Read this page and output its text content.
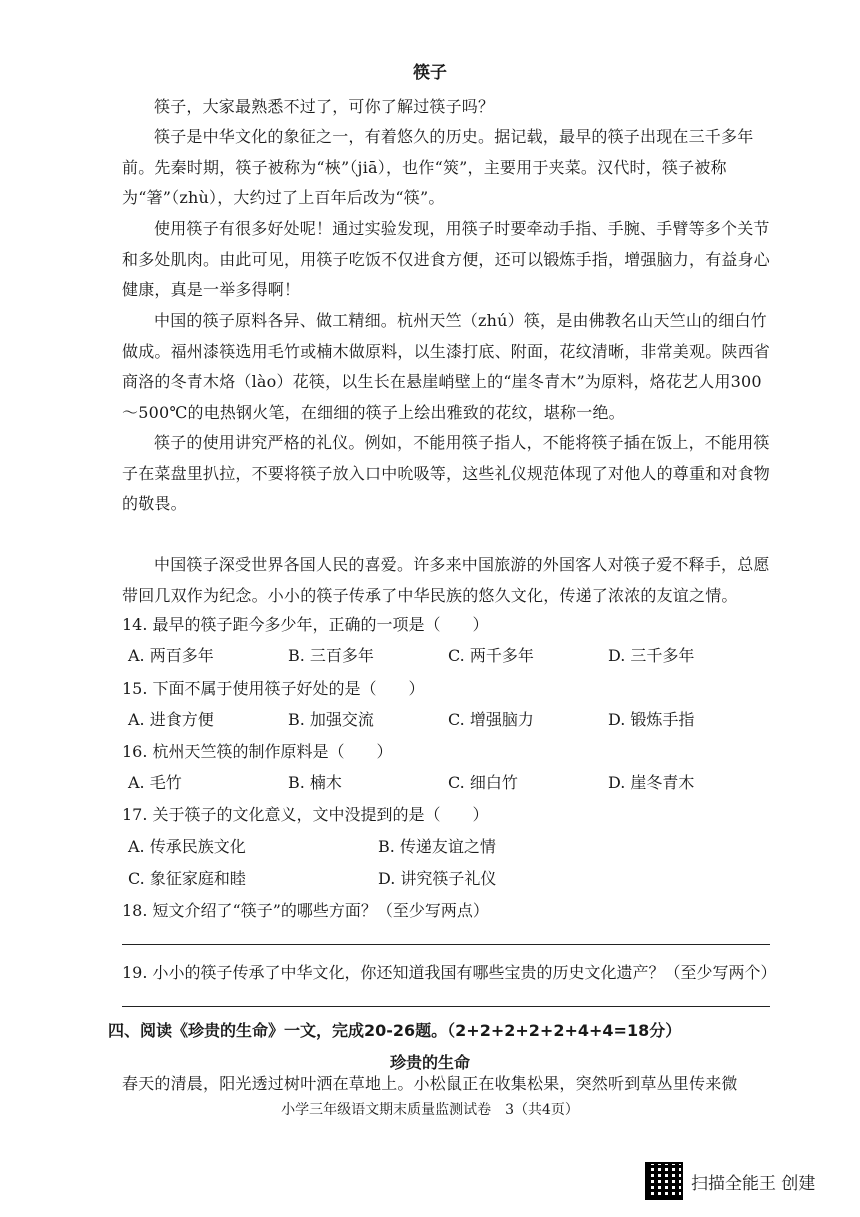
筷子
筷子，大家最熟悉不过了，可你了解过筷子吗？
筷子是中华文化的象征之一，有着悠久的历史。据记载，最早的筷子出现在三千多年前。先秦时期，筷子被称为“梜”（jiā），也作“筴”，主要用于夹菜。汉代时，筷子被称为“箸”（zhù），大约过了上百年后改为“筷”。
使用筷子有很多好处呢！通过实验发现，用筷子时要牵动手指、手腕、手臂等多个关节和多处肌肉。由此可见，用筷子吃饭不仅进食方便，还可以锻炼手指，增强脑力，有益身心健康，真是一举多得啊！
中国的筷子原料各异、做工精细。杭州天竺（zhú）筷，是由佛教名山天竺山的细白竹做成。福州漆筷选用毛竹或楠木做原料，以生漆打底、附面，花纹清晰，非常美观。陕西省商洛的冬青木烙（lào）花筷，以生长在悬崖峭壁上的“崖冬青木”为原料，烙花艺人用300～500℃的电热钢火笔，在细细的筷子上绘出雅致的花纹，堪称一绝。
筷子的使用讲究严格的礼仪。例如，不能用筷子指人，不能将筷子插在饭上，不能用筷子在菜盘里扒拉，不要将筷子放入口中吮吸等，这些礼仪规范体现了对他人的尊重和对食物的敬畏。
中国筷子深受世界各国人民的喜爱。许多来中国旅游的外国客人对筷子爱不释手，总愿带回几双作为纪念。小小的筷子传承了中华民族的悠久文化，传递了浓浓的友谊之情。
14. 最早的筷子距今多少年，正确的一项是（　　）
A. 两百多年	B. 三百多年	C. 两千多年	D. 三千多年
15. 下面不属于使用筷子好处的是（　　）
A. 进食方便	B. 加强交流	C. 增强脑力	D. 锻炼手指
16. 杭州天竺筷的制作原料是（　　）
A. 毛竹	B. 楠木	C. 细白竹	D. 崖冬青木
17. 关于筷子的文化意义，文中没提到的是（　　）
A. 传承民族文化	B. 传递友谊之情
C. 象征家庭和睦	D. 讲究筷子礼仪
18. 短文介绍了“筷子”的哪些方面？（至少写两点）
19. 小小的筷子传承了中华文化，你还知道我国有哪些宝贵的历史文化遗产？（至少写两个）
四、阅读《珍贵的生命》一文，完成20-26题。（2+2+2+2+2+4+4=18分）
珍贵的生命
春天的清晨，阳光透过树叶洒在草地上。小松鼠正在收集松果，突然听到草丛里传来微
小学三年级语文期末质量监测试卷　3（共4页）
扫描全能王 创建
